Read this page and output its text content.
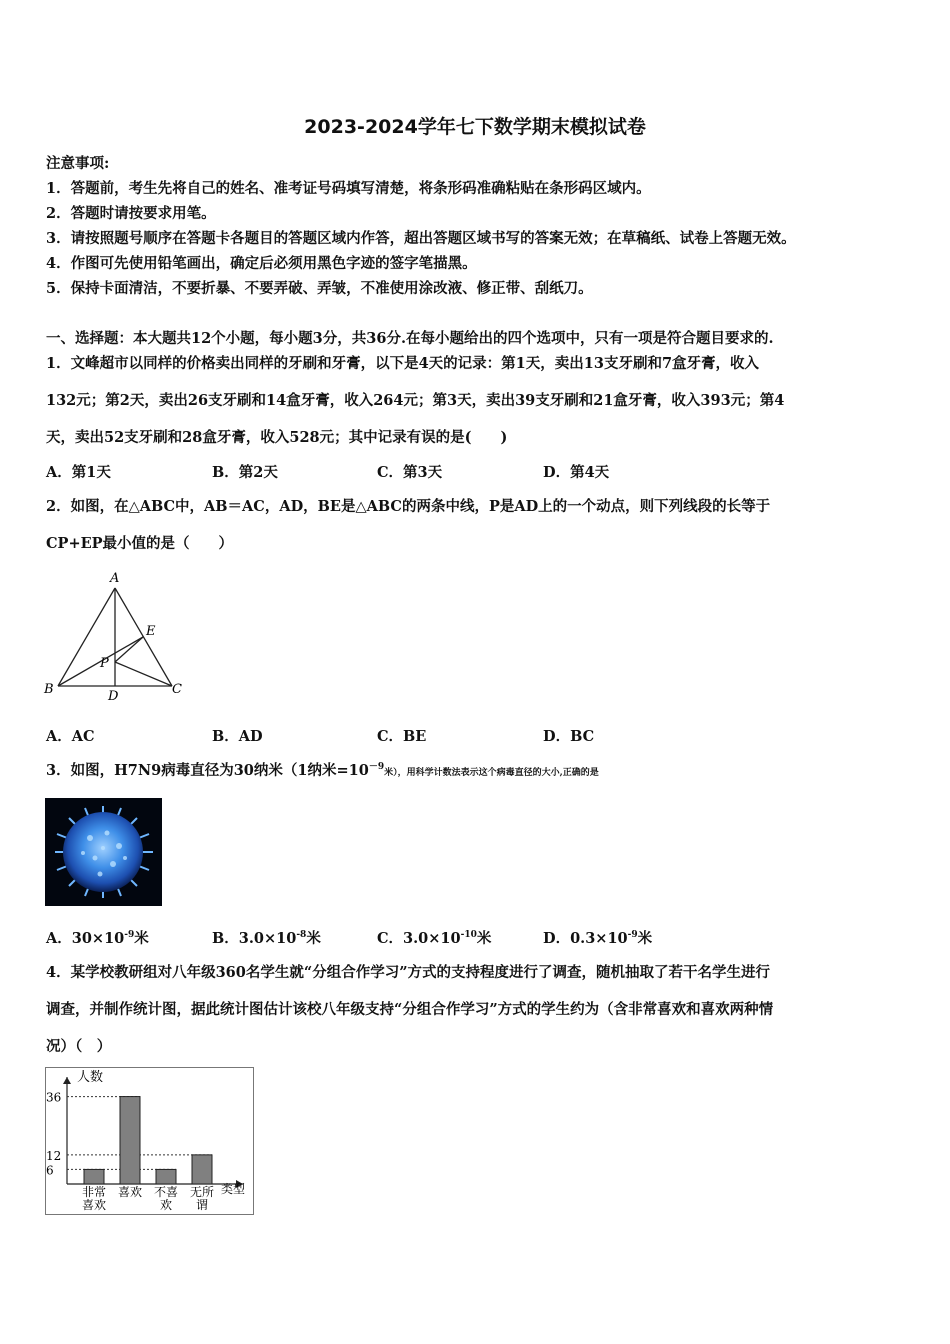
2023-2024学年七下数学期末模拟试卷
注意事项:
1．答题前，考生先将自己的姓名、准考证号码填写清楚，将条形码准确粘贴在条形码区域内。
2．答题时请按要求用笔。
3．请按照题号顺序在答题卡各题目的答题区域内作答，超出答题区域书写的答案无效；在草稿纸、试卷上答题无效。
4．作图可先使用铅笔画出，确定后必须用黑色字迹的签字笔描黑。
5．保持卡面清洁，不要折暴、不要弄破、弄皱，不准使用涂改液、修正带、刮纸刀。
一、选择题：本大题共12个小题，每小题3分，共36分.在每小题给出的四个选项中，只有一项是符合题目要求的.
1．文峰超市以同样的价格卖出同样的牙刷和牙膏，以下是4天的记录：第1天，卖出13支牙刷和7盒牙膏，收入
132元；第2天，卖出26支牙刷和14盒牙膏，收入264元；第3天，卖出39支牙刷和21盒牙膏，收入393元；第4
天，卖出52支牙刷和28盒牙膏，收入528元；其中记录有误的是(　　)
A．第1天	B．第2天	C．第3天	D．第4天
2．如图，在△ABC中，AB＝AC，AD，BE是△ABC的两条中线，P是AD上的一个动点，则下列线段的长等于
CP+EP最小值的是（　　）
A
B	C
D
E
P
A．AC	B．AD	C．BE	D．BC
3．如图，H7N9病毒直径为30纳米（1纳米$=10^{-9}$米），用科学计数法表示这个病毒直径的大小,正确的是
A．$30\times 10^{-9}$米	B．$3.0\times 10^{-8}$米	C．$3.0\times 10^{-10}$米	D．$0.3\times 10^{-9}$米
4．某学校教研组对八年级360名学生就“分组合作学习”方式的支持程度进行了调查，随机抽取了若干名学生进行
调查，并制作统计图，据此统计图估计该校八年级支持“分组合作学习”方式的学生约为（含非常喜欢和喜欢两种情
况）（　）
人数
类型
6
12
36
非常
喜欢
喜欢 不喜
欢
无所
谓
